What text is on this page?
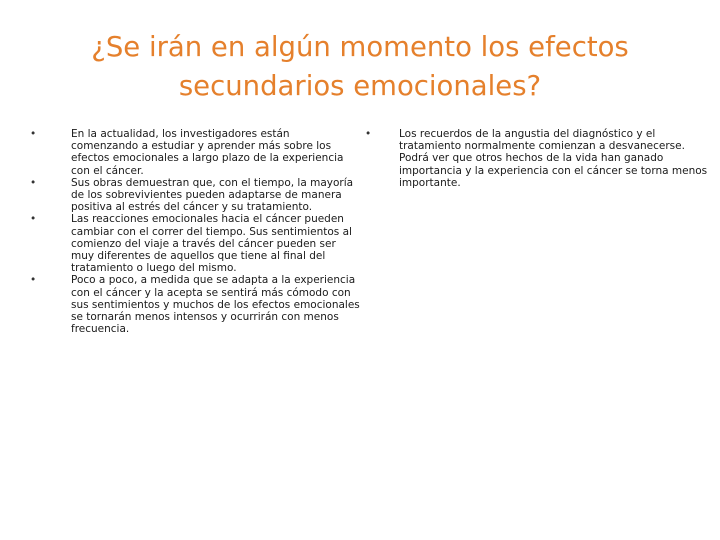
¿Se irán en algún momento los efectos secundarios emocionales?
•	En la actualidad, los investigadores están comenzando a estudiar y aprender más sobre los efectos emocionales a largo plazo de la experiencia con el cáncer.
•	Sus obras demuestran que, con el tiempo, la mayoría de los sobrevivientes pueden adaptarse de manera positiva al estrés del cáncer y su tratamiento.
•	Las reacciones emocionales hacia el cáncer pueden cambiar con el correr del tiempo. Sus sentimientos al comienzo del viaje a través del cáncer pueden ser muy diferentes de aquellos que tiene al final del tratamiento o luego del mismo.
•	Poco a poco, a medida que se adapta a la experiencia con el cáncer y la acepta se sentirá más cómodo con sus sentimientos y muchos de los efectos emocionales se tornarán menos intensos y ocurrirán con menos frecuencia.
•	Los recuerdos de la angustia del diagnóstico y el tratamiento normalmente comienzan a desvanecerse. Podrá ver que otros hechos de la vida han ganado importancia y la experiencia con el cáncer se torna menos importante.
